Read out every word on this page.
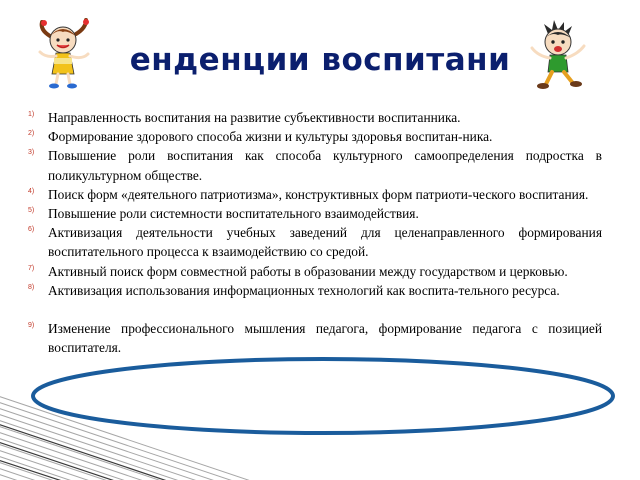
енденции воспитани
1) Направленность воспитания на развитие субъективности воспитанника.
2) Формирование здорового способа жизни и культуры здоровья воспитан-ника.
3) Повышение роли воспитания как способа культурного самоопределения подростка в поликультурном обществе.
4) Поиск форм «деятельного патриотизма», конструктивных форм патриоти-ческого воспитания.
5) Повышение роли системности воспитательного взаимодействия.
6) Активизация деятельности учебных заведений для целенаправленного формирования воспитательного процесса к взаимодействию со средой.
7) Активный поиск форм совместной работы в образовании между государством и церковью.
8) Активизация использования информационных технологий как воспита-тельного ресурса.
9) Изменение профессионального мышления педагога, формирование педагога с позицией воспитателя.
